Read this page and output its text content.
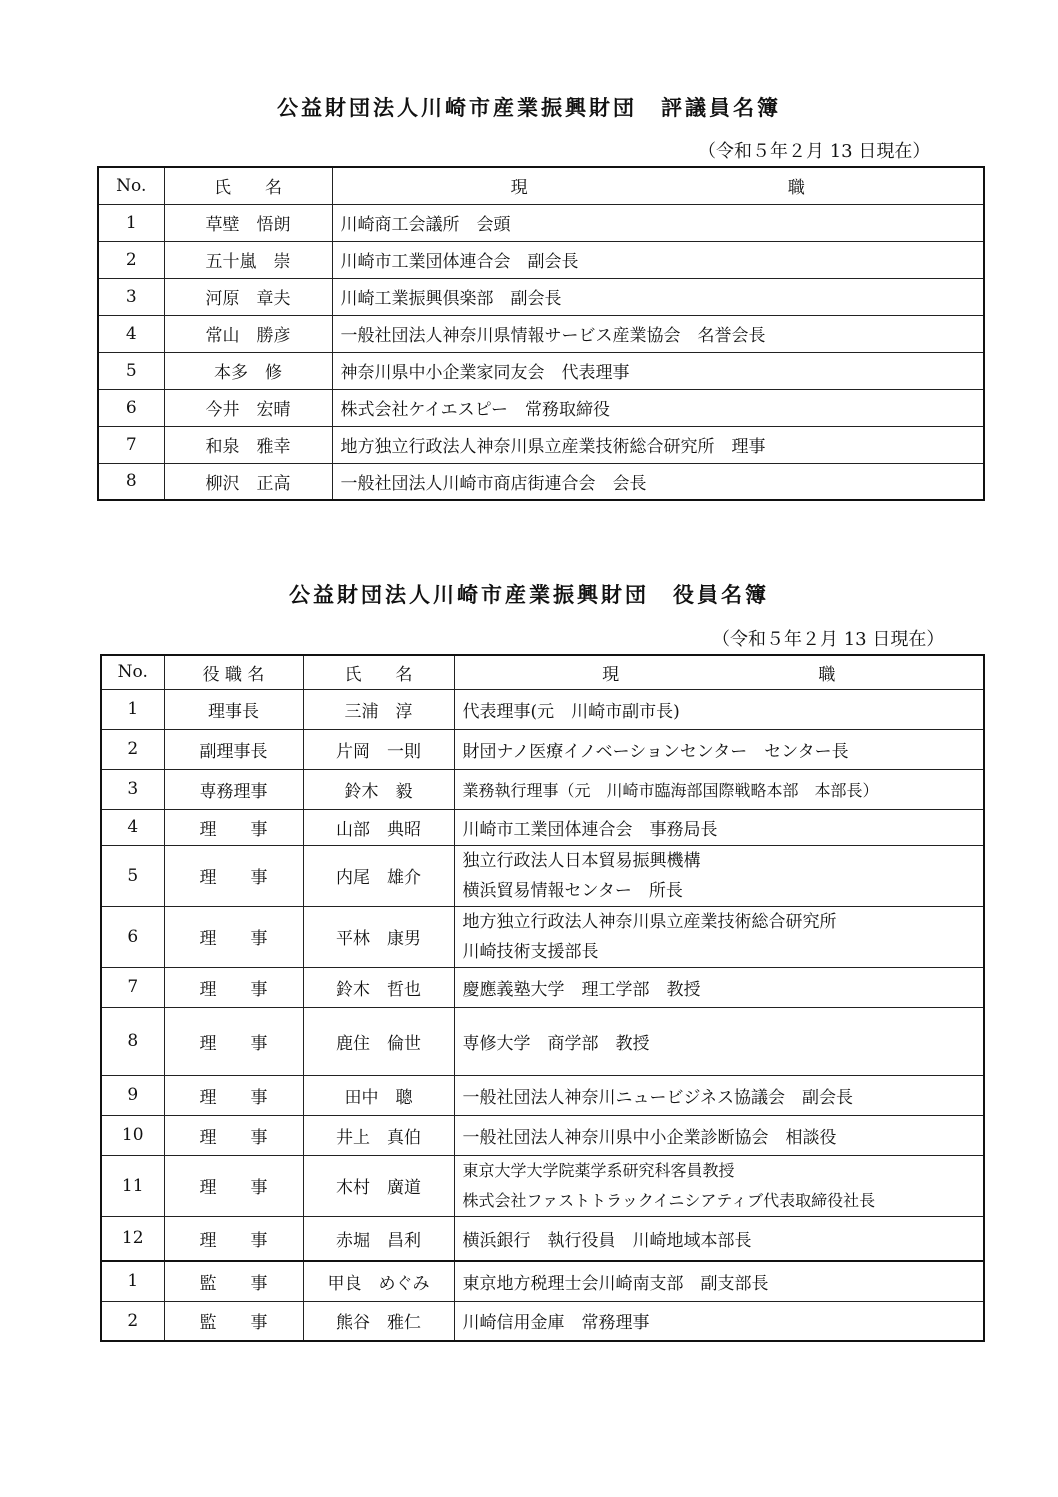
公益財団法人川崎市産業振興財団　評議員名簿
（令和５年２月 13 日現在）
No.	氏　　名	現 職

1	草壁　悟朗	川崎商工会議所　会頭
2	五十嵐　崇	川崎市工業団体連合会　副会長
3	河原　章夫	川崎工業振興倶楽部　副会長
4	常山　勝彦	一般社団法人神奈川県情報サービス産業協会　名誉会長
5	本多　修	神奈川県中小企業家同友会　代表理事
6	今井　宏晴	株式会社ケイエスピー　常務取締役
7	和泉　雅幸	地方独立行政法人神奈川県立産業技術総合研究所　理事
8	柳沢　正高	一般社団法人川崎市商店街連合会　会長
公益財団法人川崎市産業振興財団　役員名簿
（令和５年２月 13 日現在）
No.	役 職 名	氏　　名	現 職

1	理事長	三浦　淳	代表理事(元　川崎市副市長)
2	副理事長	片岡　一則	財団ナノ医療イノベーションセンター　センター長
3	専務理事	鈴木　毅	業務執行理事（元　川崎市臨海部国際戦略本部　本部長）
4	理　　事	山部　典昭	川崎市工業団体連合会　事務局長
5	理　　事	内尾　雄介	独立行政法人日本貿易振興機構
横浜貿易情報センター　所長

6	理　　事	平林　康男	地方独立行政法人神奈川県立産業技術総合研究所
川崎技術支援部長

7	理　　事	鈴木　哲也	慶應義塾大学　理工学部　教授
8	理　　事	鹿住　倫世	専修大学　商学部　教授
9	理　　事	田中　聰	一般社団法人神奈川ニュービジネス協議会　副会長
10	理　　事	井上　真伯	一般社団法人神奈川県中小企業診断協会　相談役
11	理　　事	木村　廣道	東京大学大学院薬学系研究科客員教授
株式会社ファストトラックイニシアティブ代表取締役社長

12	理　　事	赤堀　昌利	横浜銀行　執行役員　川崎地域本部長
1	監　　事	甲良　めぐみ	東京地方税理士会川崎南支部　副支部長
2	監　　事	熊谷　雅仁	川崎信用金庫　常務理事
